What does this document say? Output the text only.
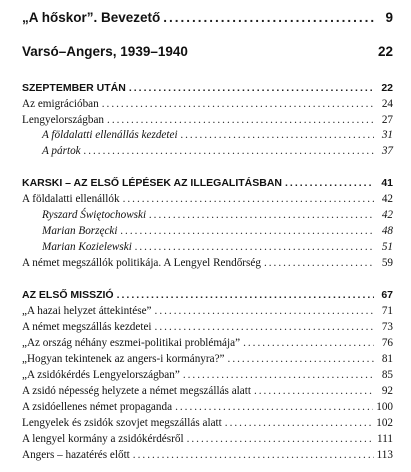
„A hőskor”. Bevezető .....	9
Varsó–Angers, 1939–1940	22
SZEPTEMBER UTÁN .....	22
Az emigrációban .....	24
Lengyelországban .....	27
A földalatti ellenállás kezdetei .....	31
A pártok .....	37
KARSKI – AZ ELSŐ LÉPÉSEK AZ ILLEGALITÁSBAN .....	41
A földalatti ellenállók .....	42
Ryszard Świętochowski .....	42
Marian Borzęcki .....	48
Marian Kozielewski .....	51
A német megszállók politikája. A Lengyel Rendőrség .....	59
AZ ELSŐ MISSZIÓ .....	67
„A hazai helyzet áttekintése” .....	71
A német megszállás kezdetei .....	73
„Az ország néhány eszmei-politikai problémája” .....	76
„Hogyan tekintenek az angers-i kormányra?” .....	81
„A zsidókérdés Lengyelországban” .....	85
A zsidó népesség helyzete a német megszállás alatt .....	92
A zsidóellenes német propaganda .....	100
Lengyelek és zsidók szovjet megszállás alatt .....	102
A lengyel kormány a zsidókérdésről .....	111
Angers – hazatérés előtt .....	113
